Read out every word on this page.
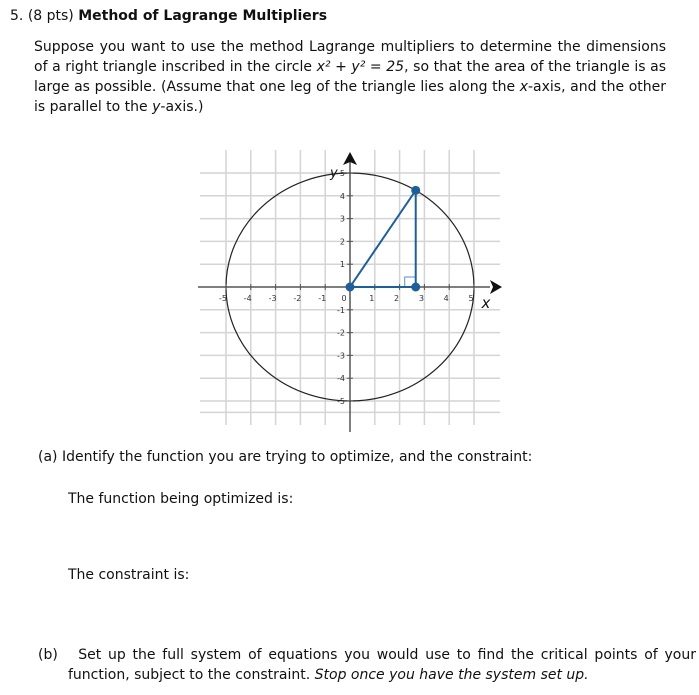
5. (8 pts) Method of Lagrange Multipliers
Suppose you want to use the method Lagrange multipliers to determine the dimensions of a right triangle inscribed in the circle x² + y² = 25, so that the area of the triangle is as large as possible. (Assume that one leg of the triangle lies along the x-axis, and the other is parallel to the y-axis.)
-5 -4 -3 -2 -1 0	1 2 3 4 5
5
4
3
2
1
-1
-2
-3
-4
-5
x
y
(a) Identify the function you are trying to optimize, and the constraint:
The function being optimized is:
The constraint is:
(b) Set up the full system of equations you would use to find the critical points of your function, subject to the constraint. Stop once you have the system set up.
